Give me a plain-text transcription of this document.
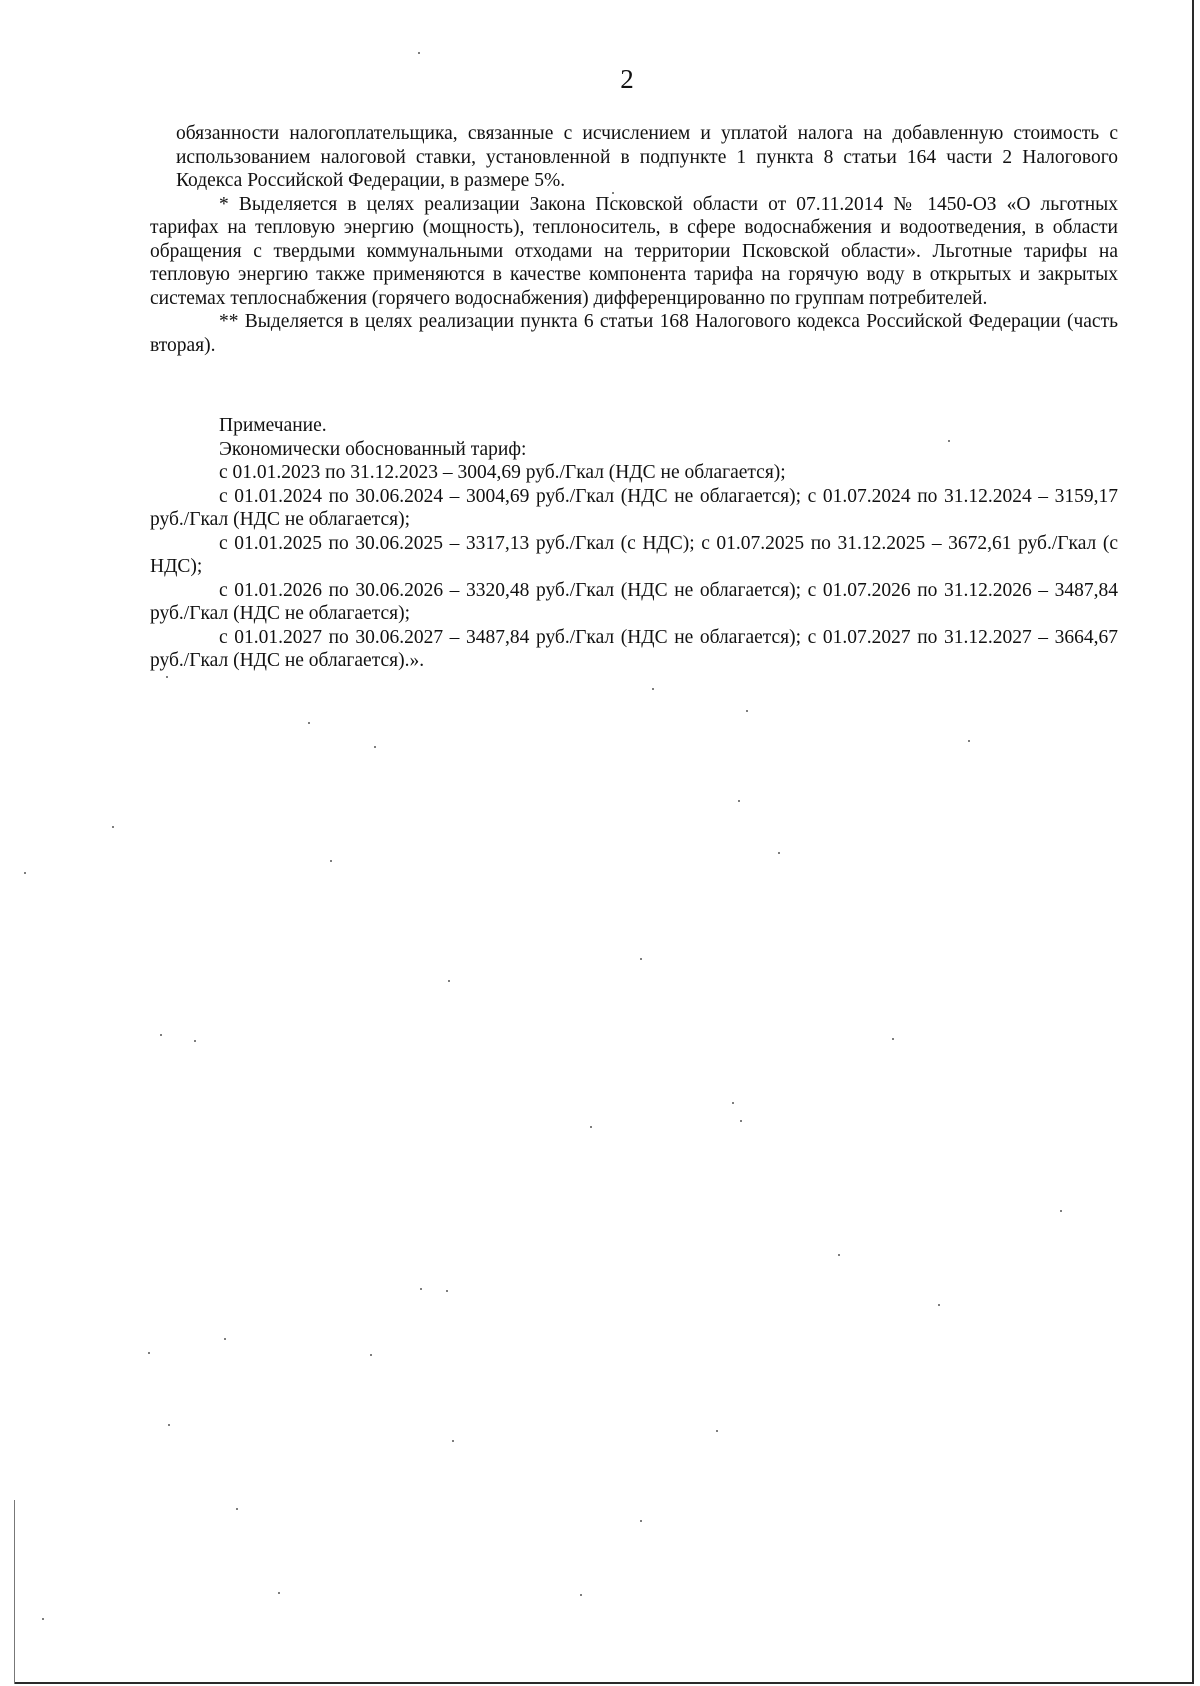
2

обязанности налогоплательщика, связанные с исчислением и уплатой налога на добавленную стоимость с использованием налоговой ставки, установленной в подпункте 1 пункта 8 статьи 164 части 2 Налогового Кодекса Российской Федерации, в размере 5%.

* Выделяется в целях реализации Закона Псковской области от 07.11.2014 № 1450-ОЗ «О льготных тарифах на тепловую энергию (мощность), теплоноситель, в сфере водоснабжения и водоотведения, в области обращения с твердыми коммунальными отходами на территории Псковской области». Льготные тарифы на тепловую энергию также применяются в качестве компонента тарифа на горячую воду в открытых и закрытых системах теплоснабжения (горячего водоснабжения) дифференцированно по группам потребителей.

** Выделяется в целях реализации пункта 6 статьи 168 Налогового кодекса Российской Федерации (часть вторая).

Примечание.

Экономически обоснованный тариф:

с 01.01.2023 по 31.12.2023 – 3004,69 руб./Гкал (НДС не облагается);

с 01.01.2024 по 30.06.2024 – 3004,69 руб./Гкал (НДС не облагается); с 01.07.2024 по 31.12.2024 – 3159,17 руб./Гкал (НДС не облагается);

с 01.01.2025 по 30.06.2025 – 3317,13 руб./Гкал (с НДС); с 01.07.2025 по 31.12.2025 – 3672,61 руб./Гкал (с НДС);

с 01.01.2026 по 30.06.2026 – 3320,48 руб./Гкал (НДС не облагается); с 01.07.2026 по 31.12.2026 – 3487,84 руб./Гкал (НДС не облагается);

с 01.01.2027 по 30.06.2027 – 3487,84 руб./Гкал (НДС не облагается); с 01.07.2027 по 31.12.2027 – 3664,67 руб./Гкал (НДС не облагается).».
